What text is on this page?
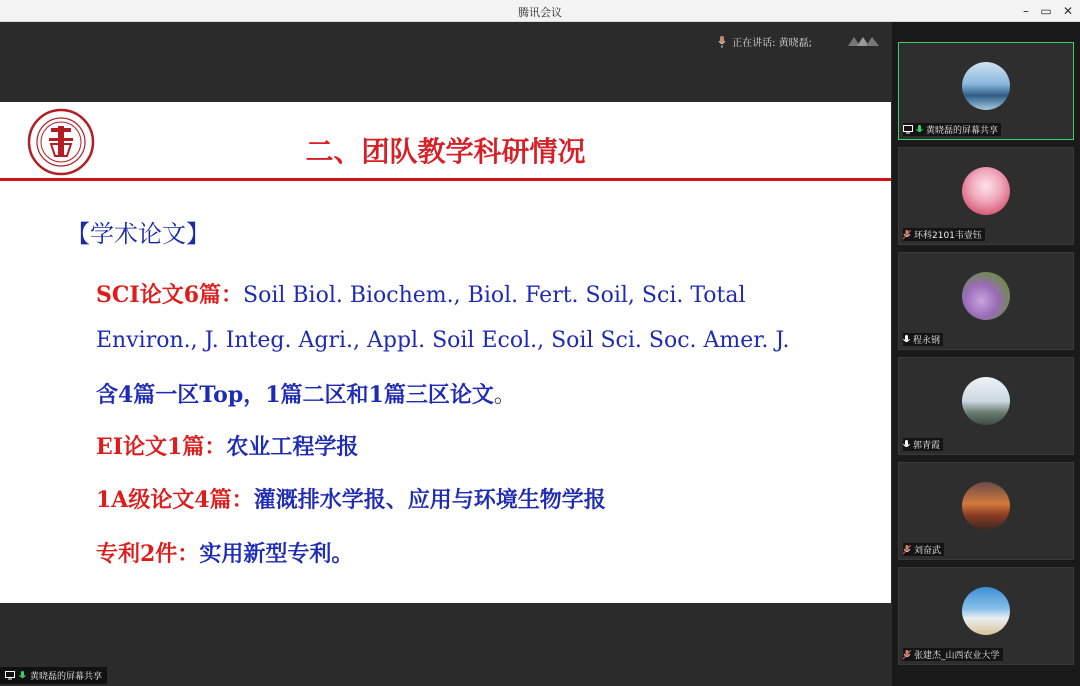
腾讯会议	– ▭ ✕
正在讲话: 黄晓磊;
二、团队教学科研情况
【学术论文】
SCI论文6篇：Soil Biol. Biochem., Biol. Fert. Soil, Sci. Total
Environ., J. Integ. Agri., Appl. Soil Ecol., Soil Sci. Soc. Amer. J.
含4篇一区Top，1篇二区和1篇三区论文。
EI论文1篇：农业工程学报
1A级论文4篇：灌溉排水学报、应用与环境生物学报
专利2件：实用新型专利。
黄晓磊的屏幕共享
黄晓磊的屏幕共享
环科2101韦壹钰
程永钢
郭青霞
刘奋武
张建杰_山西农业大学
